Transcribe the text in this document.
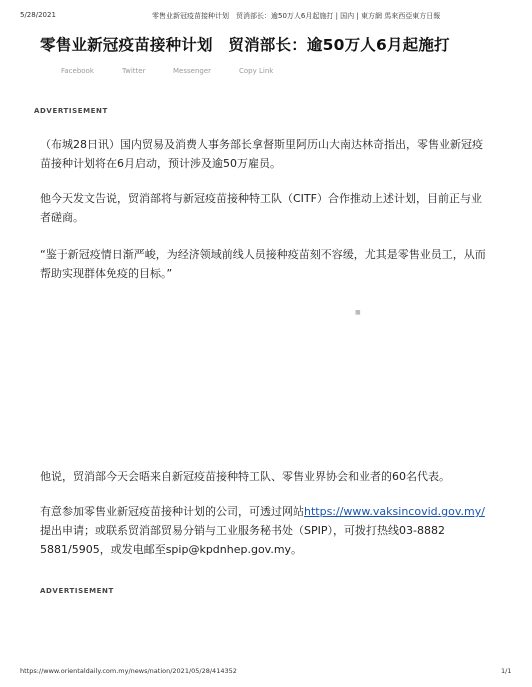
5/28/2021	零售业新冠疫苗接种计划　贸消部长：逾50万人6月起施打 | 国内 | 東方網 馬來西亞東方日報
零售业新冠疫苗接种计划　贸消部长：逾50万人6月起施打
Facebook	Twitter	Messenger	Copy Link
ADVERTISEMENT
（布城28日讯）国内贸易及消费人事务部长拿督斯里阿历山大南达林奇指出，零售业新冠疫苗接种计划将在6月启动，预计涉及逾50万雇员。
他今天发文告说，贸消部将与新冠疫苗接种特工队（CITF）合作推动上述计划，目前正与业者磋商。
“鉴于新冠疫情日渐严峻，为经济领域前线人员接种疫苗刻不容缓，尤其是零售业员工，从而帮助实现群体免疫的目标。”
■
他说，贸消部今天会晤来自新冠疫苗接种特工队、零售业界协会和业者的60名代表。
有意参加零售业新冠疫苗接种计划的公司，可透过网站https://www.vaksincovid.gov.my/提出申请；或联系贸消部贸易分销与工业服务秘书处（SPIP），可拨打热线03-8882 5881/5905，或发电邮至spip@kpdnhep.gov.my。
ADVERTISEMENT
https://www.orientaldaily.com.my/news/nation/2021/05/28/414352	1/1
